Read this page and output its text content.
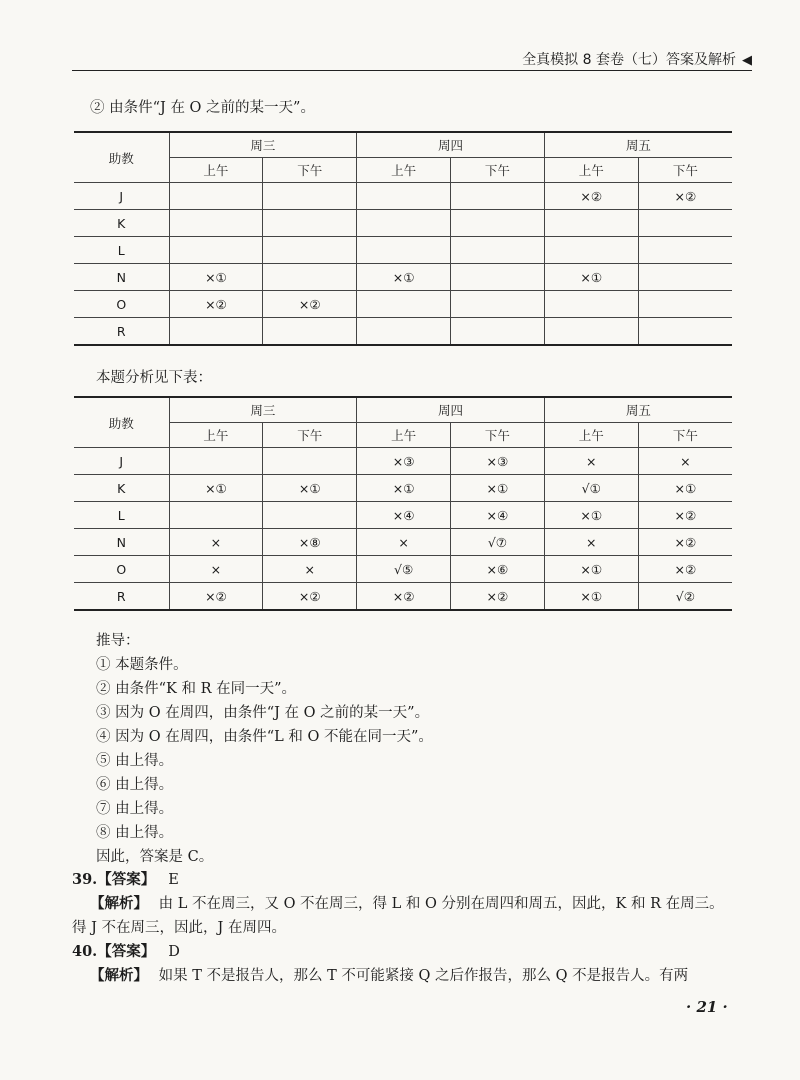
全真模拟 8 套卷（七）答案及解析 ◀
② 由条件“J 在 O 之前的某一天”。
助教	周三		周四		周五	
	上午	下午	上午	下午	上午	下午
J					×②	×②
K						
L						
N	×①		×①		×①	
O	×②	×②				
R						
本题分析见下表：
助教	周三		周四		周五	
	上午	下午	上午	下午	上午	下午
J			×③	×③	×	×
K	×①	×①	×①	×①	√①	×①
L			×④	×④	×①	×②
N	×	×⑧	×	√⑦	×	×②
O	×	×	√⑤	×⑥	×①	×②
R	×②	×②	×②	×②	×①	√②
推导：
① 本题条件。
② 由条件“K 和 R 在同一天”。
③ 因为 O 在周四，由条件“J 在 O 之前的某一天”。
④ 因为 O 在周四，由条件“L 和 O 不能在同一天”。
⑤ 由上得。
⑥ 由上得。
⑦ 由上得。
⑧ 由上得。
因此，答案是 C。
39.【答案】 E
【解析】 由 L 不在周三，又 O 不在周三，得 L 和 O 分别在周四和周五，因此，K 和 R 在周三。
得 J 不在周三，因此，J 在周四。
40.【答案】 D
【解析】 如果 T 不是报告人，那么 T 不可能紧接 Q 之后作报告，那么 Q 不是报告人。有两
· 21 ·
